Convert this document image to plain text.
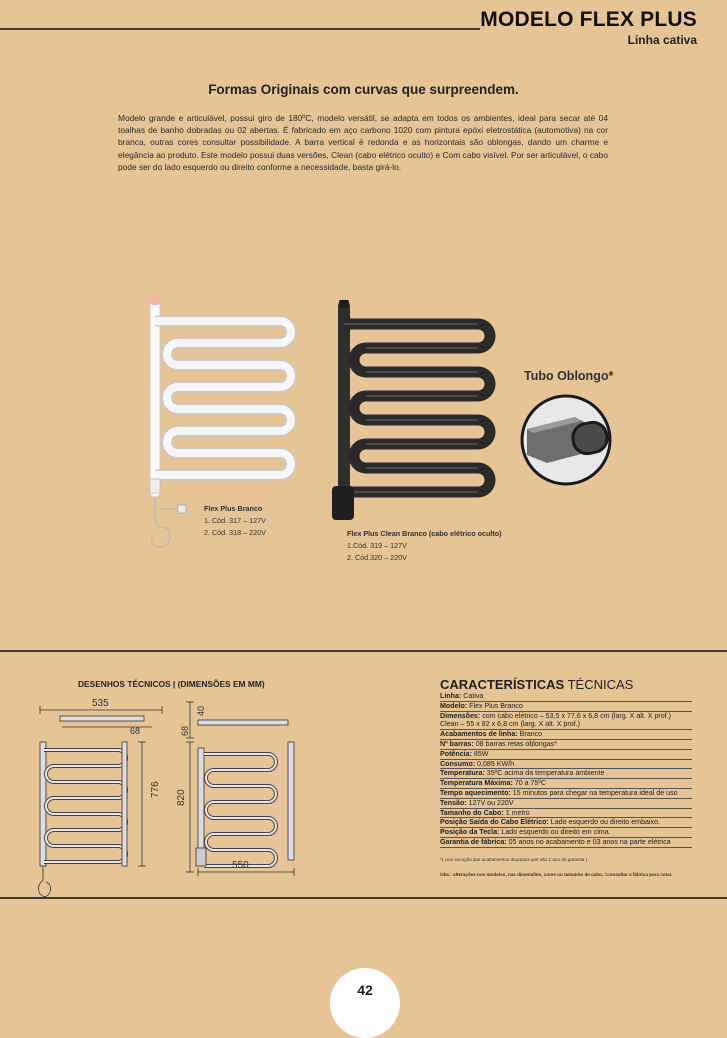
MODELO FLEX PLUS
Linha cativa
Formas Originais com curvas que surpreendem.
Modelo grande e articulável, possui giro de 180ºC, modelo versátil, se adapta em todos os ambientes, ideal para secar até 04 toalhas de banho dobradas ou 02 abertas. É fabricado em aço carbono 1020 com pintura epóxi eletrostática (automotiva) na cor branca, outras cores consultar possibilidade. A barra vertical é redonda e as horizontais são oblongas, dando um charme e elegância ao produto. Este modelo possui duas versões, Clean (cabo elétrico oculto) e Com cabo visível. Por ser articulável, o cabo pode ser do lado esquerdo ou direito conforme a necessidade, basta girá-lo.
Flex Plus Branco
1. Cód. 317 – 127V
2. Cód. 318 – 220V	Flex Plus Clean Branco (cabo elétrico oculto)
1.Cód. 319 – 127V
2. Cód.320 – 220V
Tubo Oblongo*
DESENHOS TÉCNICOS | (DIMENSÕES EM MM)
535
68
776
40
68
820
550
CARACTERÍSTICAS TÉCNICAS
Linha: Cativa
Modelo: Flex Plus Branco
Dimensões: com cabo elétrico – 53,5 x 77,6 x 6,8 cm (larg. X alt. X prof.)
Clean – 55 x 82 x 6,8 cm (larg. X alt. X prof.)
Acabamentos de linha: Branco
Nº barras: 08 barras retas oblongas*
Potência: 85W
Consumo: 0,085 KW/h
Temperatura: 35ºC acima da temperatura ambiente
Temperatura Máxima: 70 a 75ºC
Tempo aquecimento: 15 minutos para chegar na temperatura ideal de uso
Tensão: 127V ou 220V
Tamanho do Cabo: 1 metro
Posição Saída do Cabo Elétrico: Lado esquerdo ou direito embaixo.
Posição da Tecla: Lado esquerdo ou direito em cima.
Garantia de fábrica: 05 anos no acabamento e 03 anos na parte elétrica
*( com exceção dos acabamentos dourados que são 1 ano de garantia )
Obs.: alterações nos modelos, nas dimensões, cores ou tamanho de cabo, =consultar a fábrica para cotar.
42
